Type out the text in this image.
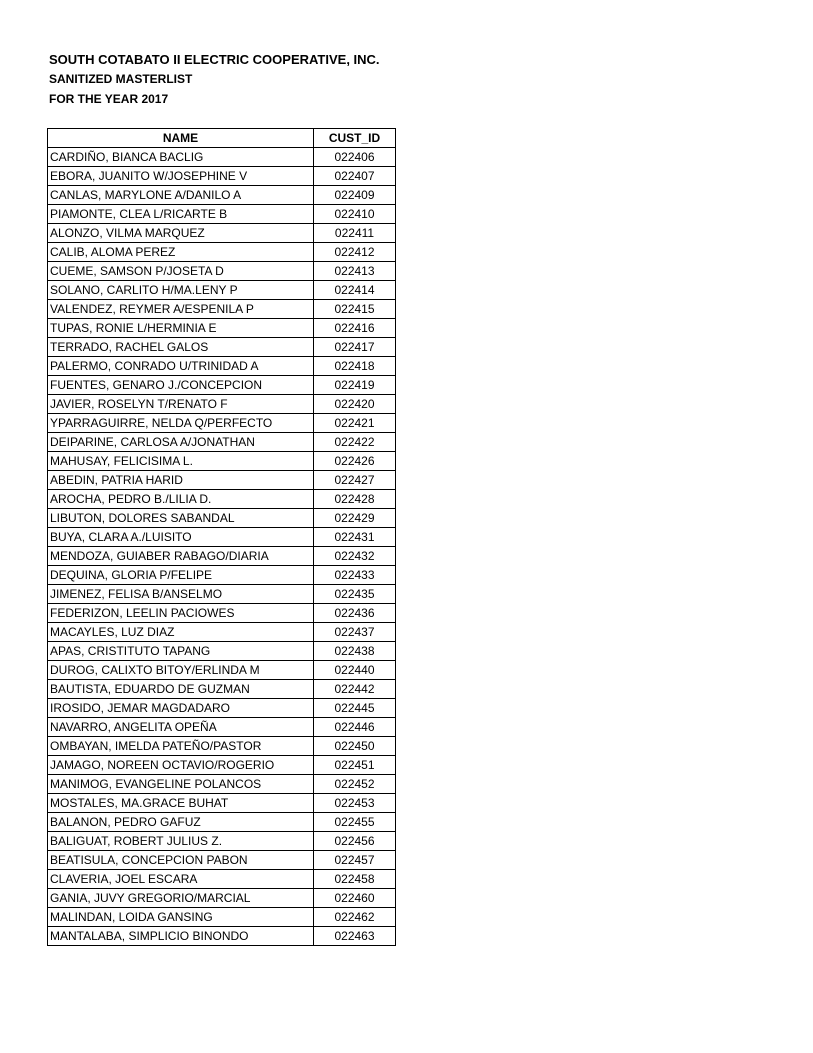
SOUTH COTABATO II ELECTRIC COOPERATIVE, INC.
SANITIZED MASTERLIST
FOR THE YEAR 2017
NAME	CUST_ID
CARDIÑO, BIANCA BACLIG	022406
EBORA, JUANITO W/JOSEPHINE V	022407
CANLAS, MARYLONE A/DANILO A	022409
PIAMONTE, CLEA L/RICARTE B	022410
ALONZO, VILMA MARQUEZ	022411
CALIB, ALOMA PEREZ	022412
CUEME, SAMSON P/JOSETA D	022413
SOLANO, CARLITO H/MA.LENY P	022414
VALENDEZ, REYMER A/ESPENILA P	022415
TUPAS, RONIE L/HERMINIA E	022416
TERRADO, RACHEL GALOS	022417
PALERMO, CONRADO U/TRINIDAD A	022418
FUENTES, GENARO J./CONCEPCION	022419
JAVIER, ROSELYN T/RENATO F	022420
YPARRAGUIRRE, NELDA Q/PERFECTO	022421
DEIPARINE, CARLOSA A/JONATHAN	022422
MAHUSAY, FELICISIMA L.	022426
ABEDIN, PATRIA HARID	022427
AROCHA, PEDRO B./LILIA D.	022428
LIBUTON, DOLORES SABANDAL	022429
BUYA, CLARA A./LUISITO	022431
MENDOZA, GUIABER RABAGO/DIARIA	022432
DEQUINA, GLORIA P/FELIPE	022433
JIMENEZ, FELISA B/ANSELMO	022435
FEDERIZON, LEELIN PACIOWES	022436
MACAYLES, LUZ DIAZ	022437
APAS, CRISTITUTO TAPANG	022438
DUROG, CALIXTO BITOY/ERLINDA M	022440
BAUTISTA, EDUARDO DE GUZMAN	022442
IROSIDO, JEMAR MAGDADARO	022445
NAVARRO, ANGELITA OPEÑA	022446
OMBAYAN, IMELDA PATEÑO/PASTOR	022450
JAMAGO, NOREEN OCTAVIO/ROGERIO	022451
MANIMOG, EVANGELINE POLANCOS	022452
MOSTALES, MA.GRACE BUHAT	022453
BALANON, PEDRO GAFUZ	022455
BALIGUAT, ROBERT JULIUS Z.	022456
BEATISULA, CONCEPCION PABON	022457
CLAVERIA, JOEL ESCARA	022458
GANIA, JUVY GREGORIO/MARCIAL	022460
MALINDAN, LOIDA GANSING	022462
MANTALABA, SIMPLICIO BINONDO	022463
